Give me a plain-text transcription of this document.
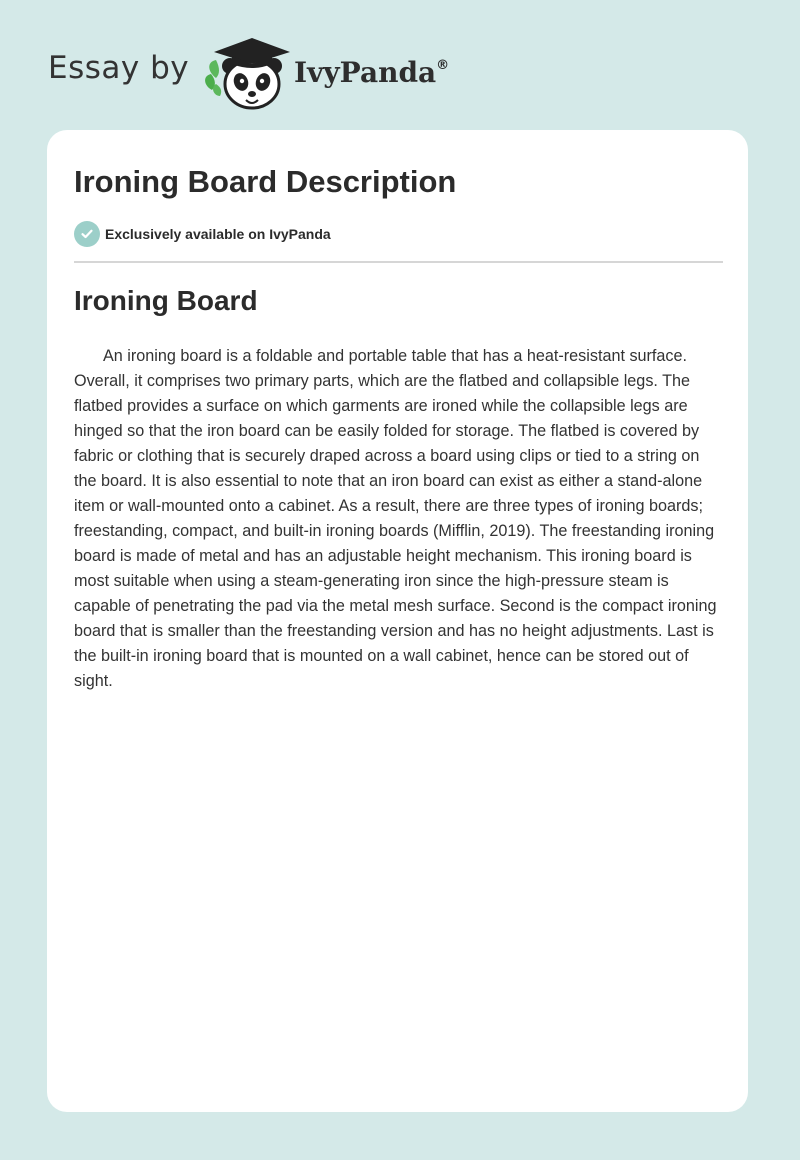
Essay by	IvyPanda®
Ironing Board Description
Exclusively available on IvyPanda
Ironing Board

An ironing board is a foldable and portable table that has a heat-resistant surface. Overall, it comprises two primary parts, which are the flatbed and collapsible legs. The flatbed provides a surface on which garments are ironed while the collapsible legs are hinged so that the iron board can be easily folded for storage. The flatbed is covered by fabric or clothing that is securely draped across a board using clips or tied to a string on the board. It is also essential to note that an iron board can exist as either a stand-alone item or wall-mounted onto a cabinet. As a result, there are three types of ironing boards; freestanding, compact, and built-in ironing boards (Mifflin, 2019). The freestanding ironing board is made of metal and has an adjustable height mechanism. This ironing board is most suitable when using a steam-generating iron since the high-pressure steam is capable of penetrating the pad via the metal mesh surface. Second is the compact ironing board that is smaller than the freestanding version and has no height adjustments. Last is the built-in ironing board that is mounted on a wall cabinet, hence can be stored out of sight.
